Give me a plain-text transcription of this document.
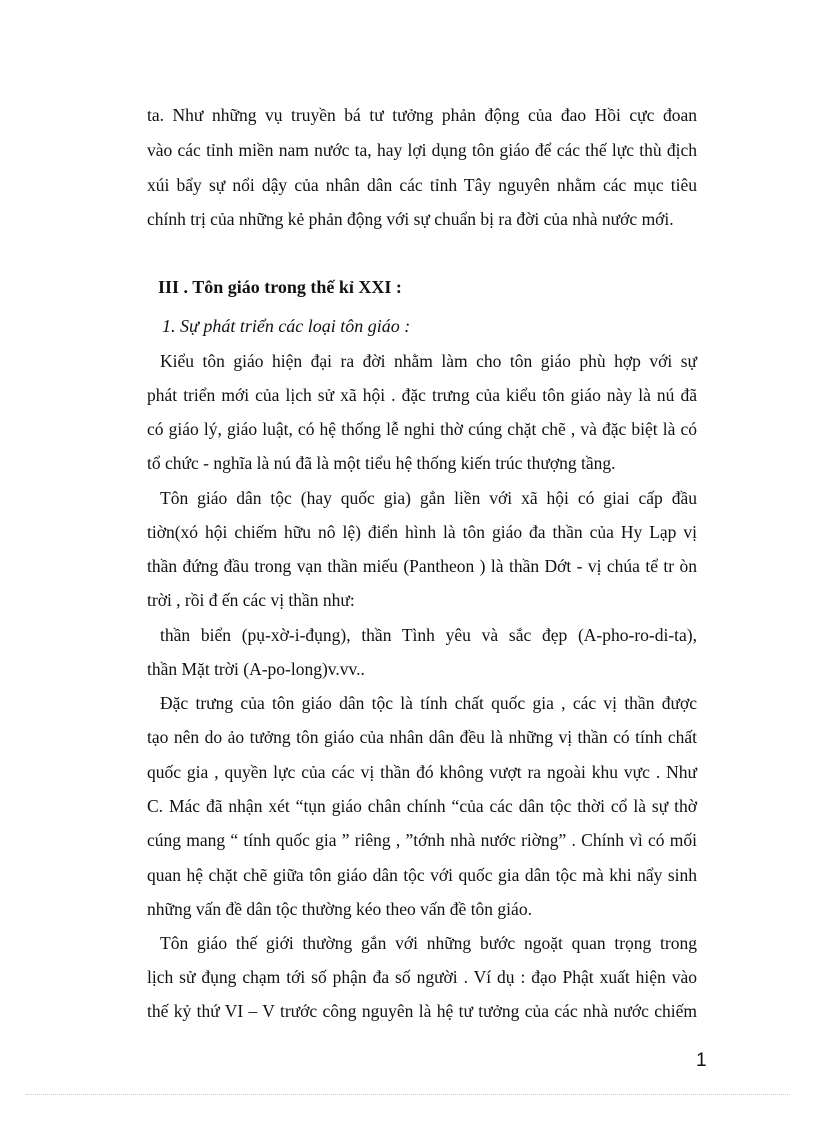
ta. Như những vụ truyền bá tư tưởng phản động của đao Hồi cực đoan
vào các tỉnh miền nam nước ta, hay lợi dụng tôn giáo để các thế lực thù địch
xúi bẩy sự nổi dậy của nhân dân các tỉnh Tây nguyên nhằm các mục tiêu
chính trị của những kẻ phản động với sự chuẩn bị ra đời của nhà nước mới.
III . Tôn giáo trong thế kỉ XXI :
1. Sự phát triển các loại tôn giáo :
Kiểu tôn giáo hiện đại ra đời nhằm làm cho tôn giáo phù hợp với sự
phát triển mới của lịch sử xã hội . đặc trưng của kiểu tôn giáo này là nú đã
có giáo lý, giáo luật, có hệ thống lễ nghi thờ cúng chặt chẽ , và đặc biệt là có
tổ chức - nghĩa là nú đã là một tiểu hệ thống kiến trúc thượng tầng.
Tôn giáo dân tộc (hay quốc gia) gắn liền với xã hội có giai cấp đầu
tiờn(xó hội chiếm hữu nô lệ) điển hình là tôn giáo đa thần của Hy Lạp vị
thần đứng đầu trong vạn thần miếu (Pantheon ) là thần Dớt - vị chúa tể tr òn
trời , rồi đ ến các vị thần như:
thần biển (pụ-xờ-i-đụng), thần Tình yêu và sắc đẹp (A-pho-ro-di-ta),
thần Mặt trời (A-po-long)v.vv..
Đặc trưng của tôn giáo dân tộc là tính chất quốc gia , các vị thần được
tạo nên do ảo tưởng tôn giáo của nhân dân đều là những vị thần có tính chất
quốc gia , quyền lực của các vị thần đó không vượt ra ngoài khu vực . Như
C. Mác đã nhận xét “tụn giáo chân chính “của các dân tộc thời cổ là sự thờ
cúng mang “ tính quốc gia ” riêng , ”tớnh nhà nước riờng” . Chính vì có mối
quan hệ chặt chẽ giữa tôn giáo dân tộc với quốc gia dân tộc mà khi nẩy sinh
những vấn đề dân tộc thường kéo theo vấn đề tôn giáo.
Tôn giáo thế giới thường gắn với những bước ngoặt quan trọng trong
lịch sử đụng chạm tới số phận đa số người . Ví dụ : đạo Phật xuất hiện vào
thế kỷ thứ VI – V trước công nguyên là hệ tư tưởng của các nhà nước chiếm
1
